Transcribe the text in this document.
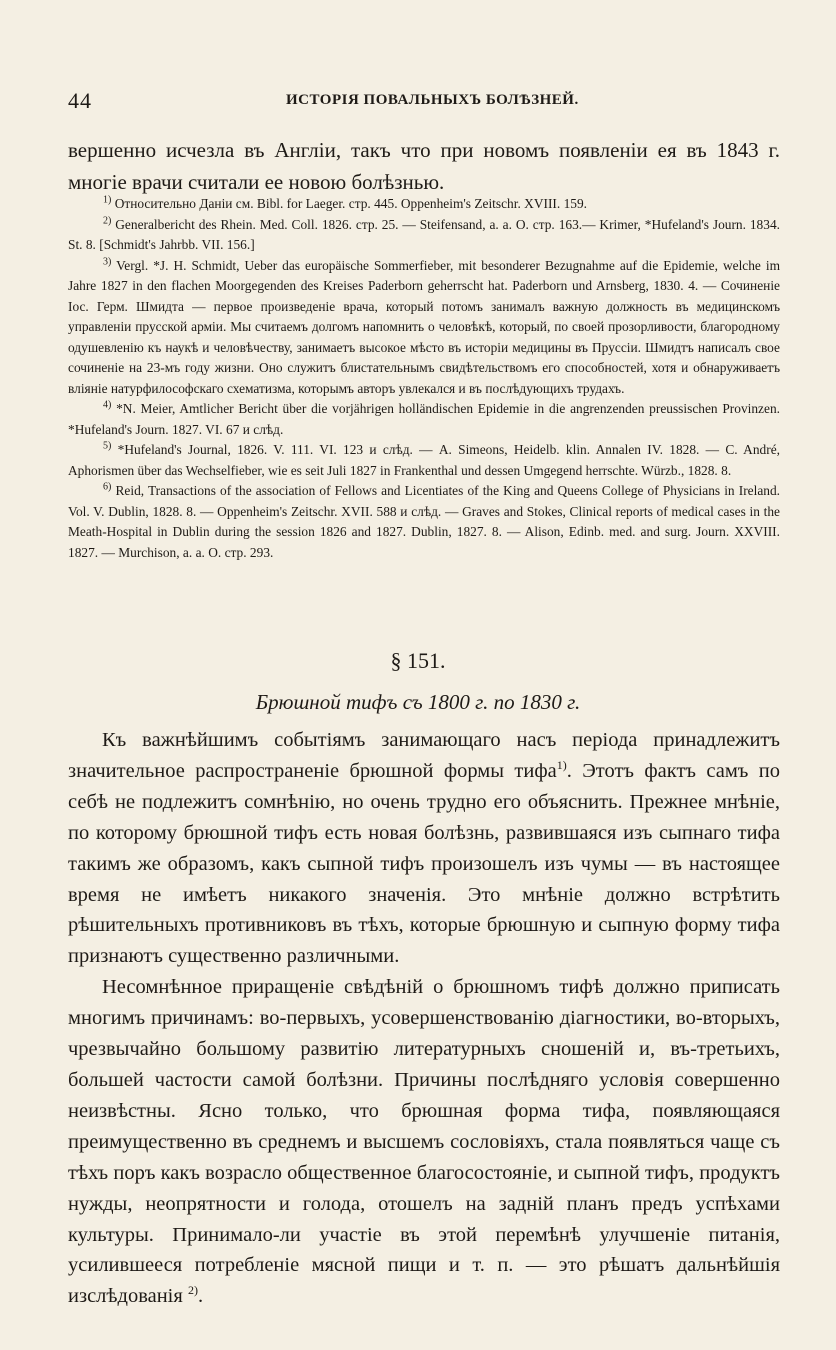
44	ИСТОРІЯ ПОВАЛЬНЫХЪ БОЛѢЗНЕЙ.

вершенно исчезла въ Англіи, такъ что при новомъ появленіи ея въ 1843 г. многіе врачи считали ее новою болѣзнью.

$^{1)}$ Относительно Даніи см. Bibl. for Laeger. стр. 445. Oppenheim's Zeitschr. XVIII. 159.

$^{2)}$ Generalbericht des Rhein. Med. Coll. 1826. стр. 25. — Steifensand, a. a. O. стр. 163.— Krimer, *Hufeland's Journ. 1834. St. 8. [Schmidt's Jahrbb. VII. 156.]

$^{3)}$ Vergl. *J. H. Schmidt, Ueber das europäische Sommerfieber, mit besonderer Bezugnahme auf die Epidemie, welche im Jahre 1827 in den flachen Moorgegenden des Kreises Paderborn geherrscht hat. Paderborn und Arnsberg, 1830. 4. — Сочиненіе Іос. Герм. Шмидта — первое произведеніе врача, который потомъ занималъ важную должность въ медицинскомъ управленіи прусской арміи. Мы считаемъ долгомъ напомнить о человѣкѣ, который, по своей прозорливости, благородному одушевленію къ наукѣ и человѣчеству, занимаетъ высокое мѣсто въ исторіи медицины въ Пруссіи. Шмидтъ написалъ свое сочиненіе на 23-мъ году жизни. Оно служитъ блистательнымъ свидѣтельствомъ его способностей, хотя и обнаруживаетъ вліяніе натурфилософскаго схематизма, которымъ авторъ увлекался и въ послѣдующихъ трудахъ.

$^{4)}$ *N. Meier, Amtlicher Bericht über die vorjährigen holländischen Epidemie in die angrenzenden preussischen Provinzen. *Hufeland's Journ. 1827. VI. 67 и слѣд.

$^{5)}$ *Hufeland's Journal, 1826. V. 111. VI. 123 и слѣд. — A. Simeons, Heidelb. klin. Annalen IV. 1828. — C. André, Aphorismen über das Wechselfieber, wie es seit Juli 1827 in Frankenthal und dessen Umgegend herrschte. Würzb., 1828. 8.

$^{6)}$ Reid, Transactions of the association of Fellows and Licentiates of the King and Queens College of Physicians in Ireland. Vol. V. Dublin, 1828. 8. — Oppenheim's Zeitschr. XVII. 588 и слѣд. — Graves and Stokes, Clinical reports of medical cases in the Meath-Hospital in Dublin during the session 1826 and 1827. Dublin, 1827. 8. — Alison, Edinb. med. and surg. Journ. XXVIII. 1827. — Murchison, a. a. O. стр. 293.

§ 151.
Брюшной тифъ съ 1800 г. по 1830 г.

Къ важнѣйшимъ событіямъ занимающаго насъ періода принадлежитъ значительное распространеніе брюшной формы тифа$^{1)}$. Этотъ фактъ самъ по себѣ не подлежитъ сомнѣнію, но очень трудно его объяснить. Прежнее мнѣніе, по которому брюшной тифъ есть новая болѣзнь, развившаяся изъ сыпнаго тифа такимъ же образомъ, какъ сыпной тифъ произошелъ изъ чумы — въ настоящее время не имѣетъ никакого значенія. Это мнѣніе должно встрѣтить рѣшительныхъ противниковъ въ тѣхъ, которые брюшную и сыпную форму тифа признаютъ существенно различными.

Несомнѣнное приращеніе свѣдѣній о брюшномъ тифѣ должно приписать многимъ причинамъ: во-первыхъ, усовершенствованію діагностики, во-вторыхъ, чрезвычайно большому развитію литературныхъ сношеній и, въ-третьихъ, большей частости самой болѣзни. Причины послѣдняго условія совершенно неизвѣстны. Ясно только, что брюшная форма тифа, появляющаяся преимущественно въ среднемъ и высшемъ сословіяхъ, стала появляться чаще съ тѣхъ поръ какъ возрасло общественное благосостояніе, и сыпной тифъ, продуктъ нужды, неопрятности и голода, отошелъ на задній планъ предъ успѣхами культуры. Принимало-ли участіе въ этой перемѣнѣ улучшеніе питанія, усилившееся потребленіе мясной пищи и т. п. — это рѣшатъ дальнѣйшія изслѣдованія $^{2)}$.
